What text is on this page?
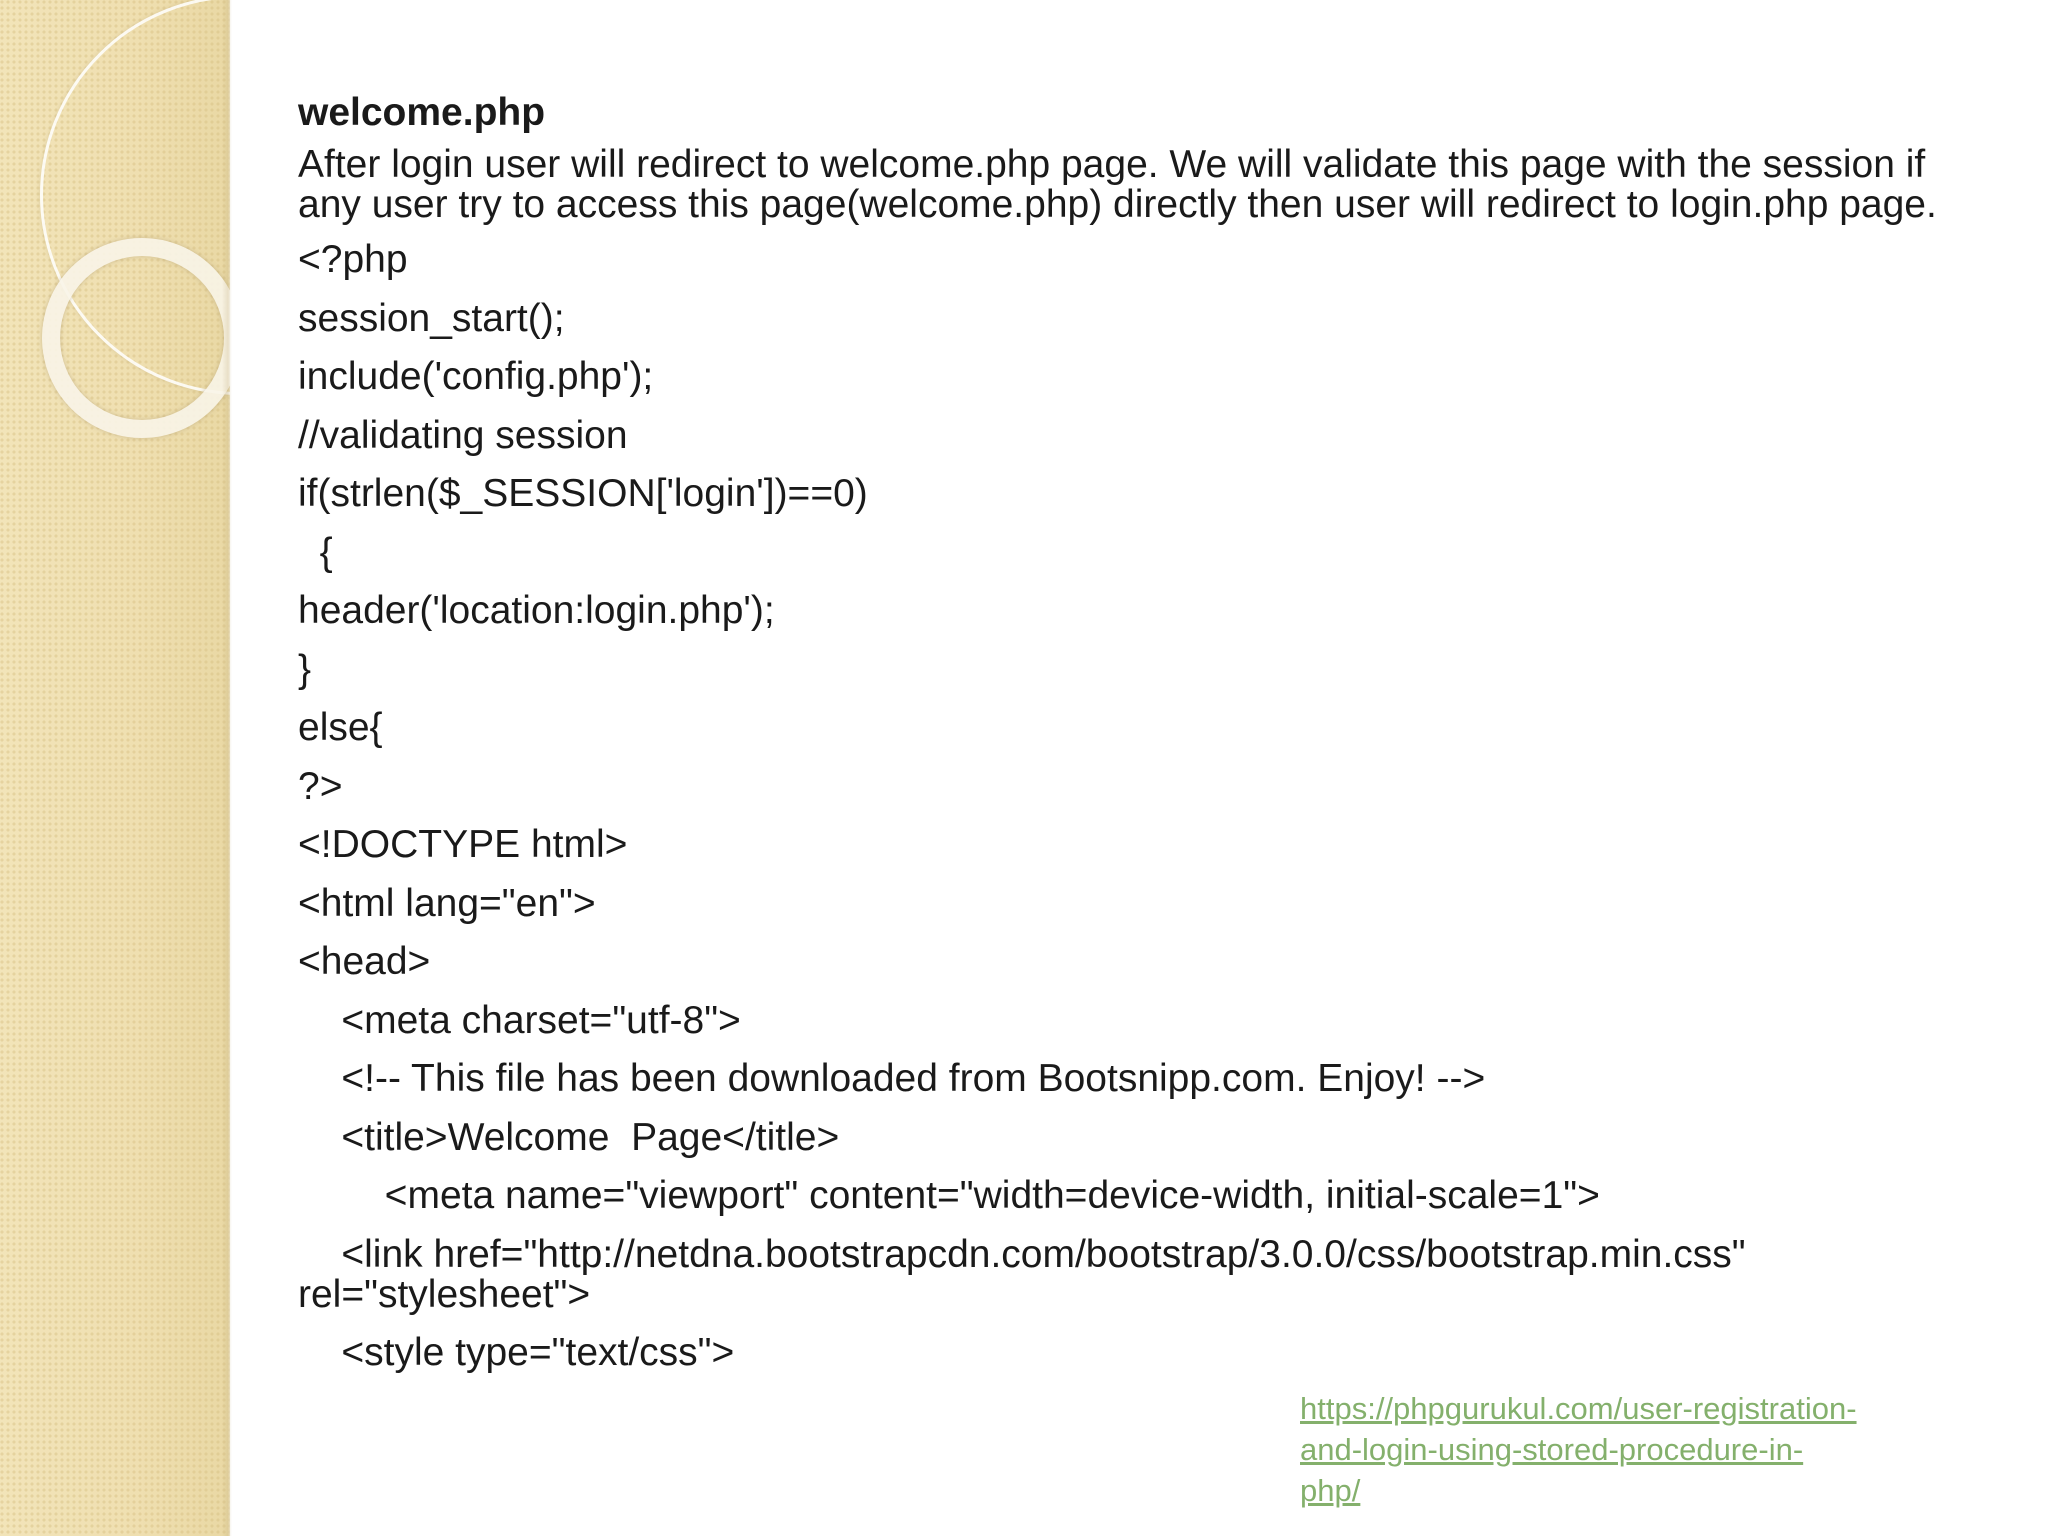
welcome.php
After login user will redirect to welcome.php page. We will validate this page with the session if any user try to access this page(welcome.php) directly then user will redirect to login.php page.
<?php
session_start();
include('config.php');
//validating session
if(strlen($_SESSION['login'])==0)
{
header('location:login.php');
}
else{
?>
<!DOCTYPE html>
<html lang="en">
<head>
<meta charset="utf-8">
<!-- This file has been downloaded from Bootsnipp.com. Enjoy! -->
<title>Welcome  Page</title>
<meta name="viewport" content="width=device-width, initial-scale=1">
<link href="http://netdna.bootstrapcdn.com/bootstrap/3.0.0/css/bootstrap.min.css" rel="stylesheet">
<style type="text/css">
https://phpgurukul.com/user-registration-and-login-using-stored-procedure-in-php/
